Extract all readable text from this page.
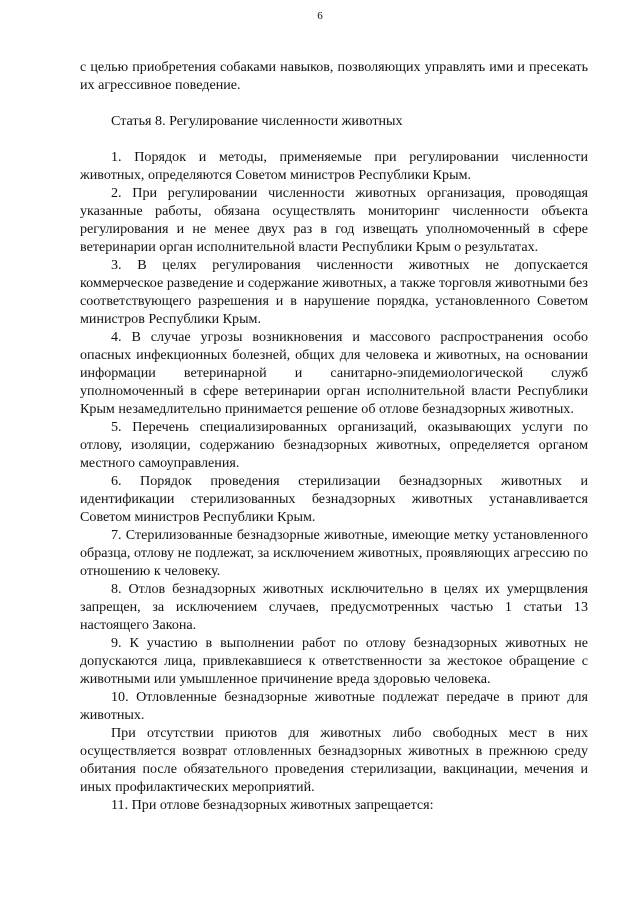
6

с целью приобретения собаками навыков, позволяющих управлять ими и пресекать их агрессивное поведение.

Статья 8. Регулирование численности животных

1. Порядок и методы, применяемые при регулировании численности животных, определяются Советом министров Республики Крым.

2. При регулировании численности животных организация, проводящая указанные работы, обязана осуществлять мониторинг численности объекта регулирования и не менее двух раз в год извещать уполномоченный в сфере ветеринарии орган исполнительной власти Республики Крым о результатах.

3. В целях регулирования численности животных не допускается коммерческое разведение и содержание животных, а также торговля животными без соответствующего разрешения и в нарушение порядка, установленного Советом министров Республики Крым.

4. В случае угрозы возникновения и массового распространения особо опасных инфекционных болезней, общих для человека и животных, на основании информации ветеринарной и санитарно-эпидемиологической служб уполномоченный в сфере ветеринарии орган исполнительной власти Республики Крым незамедлительно принимается решение об отлове безнадзорных животных.

5. Перечень специализированных организаций, оказывающих услуги по отлову, изоляции, содержанию безнадзорных животных, определяется органом местного самоуправления.

6. Порядок проведения стерилизации безнадзорных животных и идентификации стерилизованных безнадзорных животных устанавливается Советом министров Республики Крым.

7. Стерилизованные безнадзорные животные, имеющие метку установленного образца, отлову не подлежат, за исключением животных, проявляющих агрессию по отношению к человеку.

8. Отлов безнадзорных животных исключительно в целях их умерщвления запрещен, за исключением случаев, предусмотренных частью 1 статьи 13 настоящего Закона.

9. К участию в выполнении работ по отлову безнадзорных животных не допускаются лица, привлекавшиеся к ответственности за жестокое обращение с животными или умышленное причинение вреда здоровью человека.

10. Отловленные безнадзорные животные подлежат передаче в приют для животных.

При отсутствии приютов для животных либо свободных мест в них осуществляется возврат отловленных безнадзорных животных в прежнюю среду обитания после обязательного проведения стерилизации, вакцинации, мечения и иных профилактических мероприятий.

11. При отлове безнадзорных животных запрещается:
